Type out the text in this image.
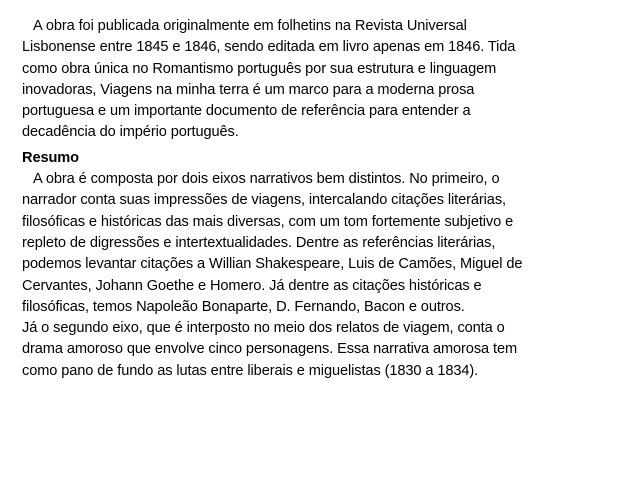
A obra foi publicada originalmente em folhetins na Revista Universal
Lisbonense entre 1845 e 1846, sendo editada em livro apenas em 1846. Tida
como obra única no Romantismo português por sua estrutura e linguagem
inovadoras, Viagens na minha terra é um marco para a moderna prosa
portuguesa e um importante documento de referência para entender a
decadência do império português.
Resumo
A obra é composta por dois eixos narrativos bem distintos. No primeiro, o
narrador conta suas impressões de viagens, intercalando citações literárias,
filosóficas e históricas das mais diversas, com um tom fortemente subjetivo e
repleto de digressões e intertextualidades. Dentre as referências literárias,
podemos levantar citações a Willian Shakespeare, Luis de Camões, Miguel de
Cervantes, Johann Goethe e Homero. Já dentre as citações históricas e
filosóficas, temos Napoleão Bonaparte, D. Fernando, Bacon e outros.
Já o segundo eixo, que é interposto no meio dos relatos de viagem, conta o
drama amoroso que envolve cinco personagens. Essa narrativa amorosa tem
como pano de fundo as lutas entre liberais e miguelistas (1830 a 1834).
